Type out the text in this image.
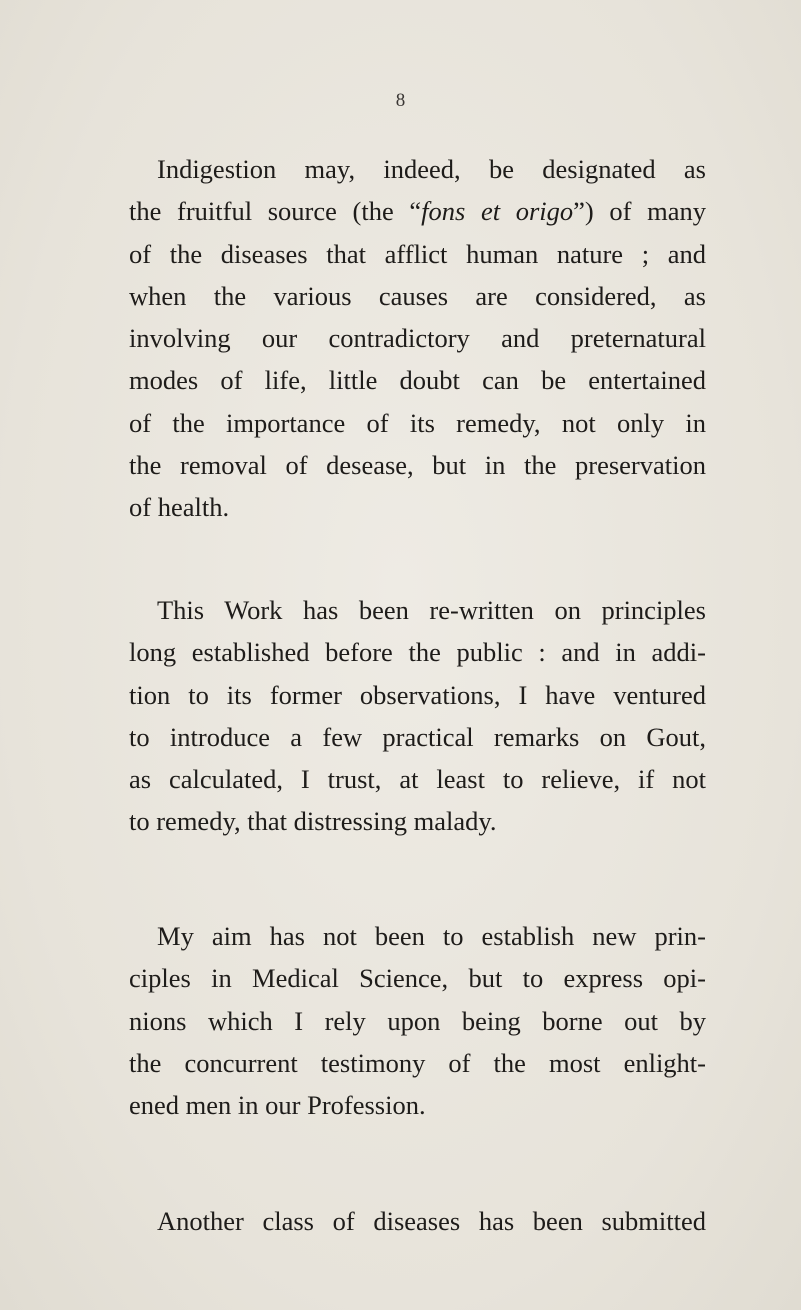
8
Indigestion may, indeed, be designated as
the fruitful source (the “fons et origo”) of many
of the diseases that afflict human nature ; and
when the various causes are considered, as
involving our contradictory and preternatural
modes of life, little doubt can be entertained
of the importance of its remedy, not only in
the removal of desease, but in the preservation
of health.
This Work has been re-written on principles
long established before the public : and in addi-
tion to its former observations, I have ventured
to introduce a few practical remarks on Gout,
as calculated, I trust, at least to relieve, if not
to remedy, that distressing malady.
My aim has not been to establish new prin-
ciples in Medical Science, but to express opi-
nions which I rely upon being borne out by
the concurrent testimony of the most enlight-
ened men in our Profession.
Another class of diseases has been submitted
